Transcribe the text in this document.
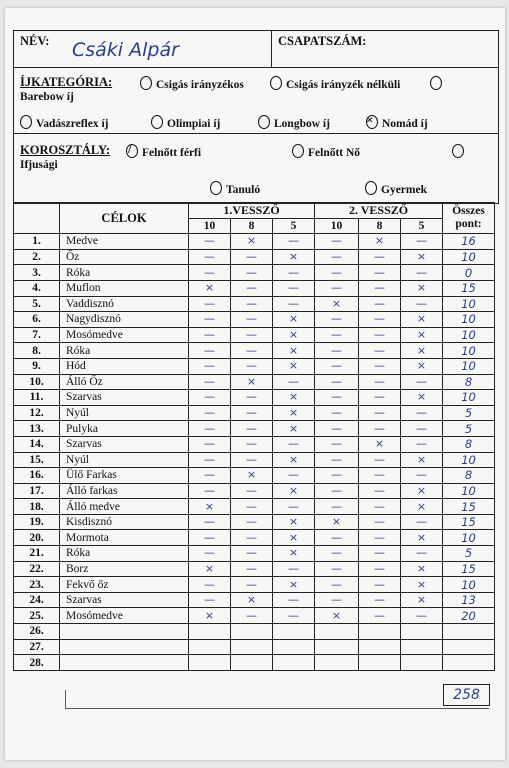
NÉV: Csáki Alpár	CSAPATSZÁM:
ÍJKATEGÓRIA:	Csigás irányzékos	Csigás irányzék nélküli
Barebow íj
Vadászreflex íj	Olimpiai íj	Longbow íj	× Nomád íj
KOROSZTÁLY: / Felnőtt férfi	Felnőtt Nő
Ifjusági
Tanuló	Gyermek
	CÉLOK	1.VESSZŐ			2. VESSZŐ			Összes pont:
		10	8	5	10	8	5	
1.	Medve	—	×	—	—	×	—	16
2.	Őz	—	—	×	—	—	×	10
3.	Róka	—	—	—	—	—	—	0
4.	Muflon	×	—	—	—	—	×	15
5.	Vaddisznó	—	—	—	×	—	—	10
6.	Nagydisznó	—	—	×	—	—	×	10
7.	Mosómedve	—	—	×	—	—	×	10
8.	Róka	—	—	×	—	—	×	10
9.	Hód	—	—	×	—	—	×	10
10.	Álló Őz	—	×	—	—	—	—	8
11.	Szarvas	—	—	×	—	—	×	10
12.	Nyúl	—	—	×	—	—	—	5
13.	Pulyka	—	—	×	—	—	—	5
14.	Szarvas	—	—	—	—	×	—	8
15.	Nyúl	—	—	×	—	—	×	10
16.	Ülő Farkas	—	×	—	—	—	—	8
17.	Álló farkas	—	—	×	—	—	×	10
18.	Álló medve	×	—	—	—	—	×	15
19.	Kisdisznó	—	—	×	×	—	—	15
20.	Mormota	—	—	×	—	—	×	10
21.	Róka	—	—	×	—	—	—	5
22.	Borz	×	—	—	—	—	×	15
23.	Fekvő őz	—	—	×	—	—	×	10
24.	Szarvas	—	×	—	—	—	×	13
25.	Mosómedve	×	—	—	×	—	—	20
26.								
27.								
28.								
258
